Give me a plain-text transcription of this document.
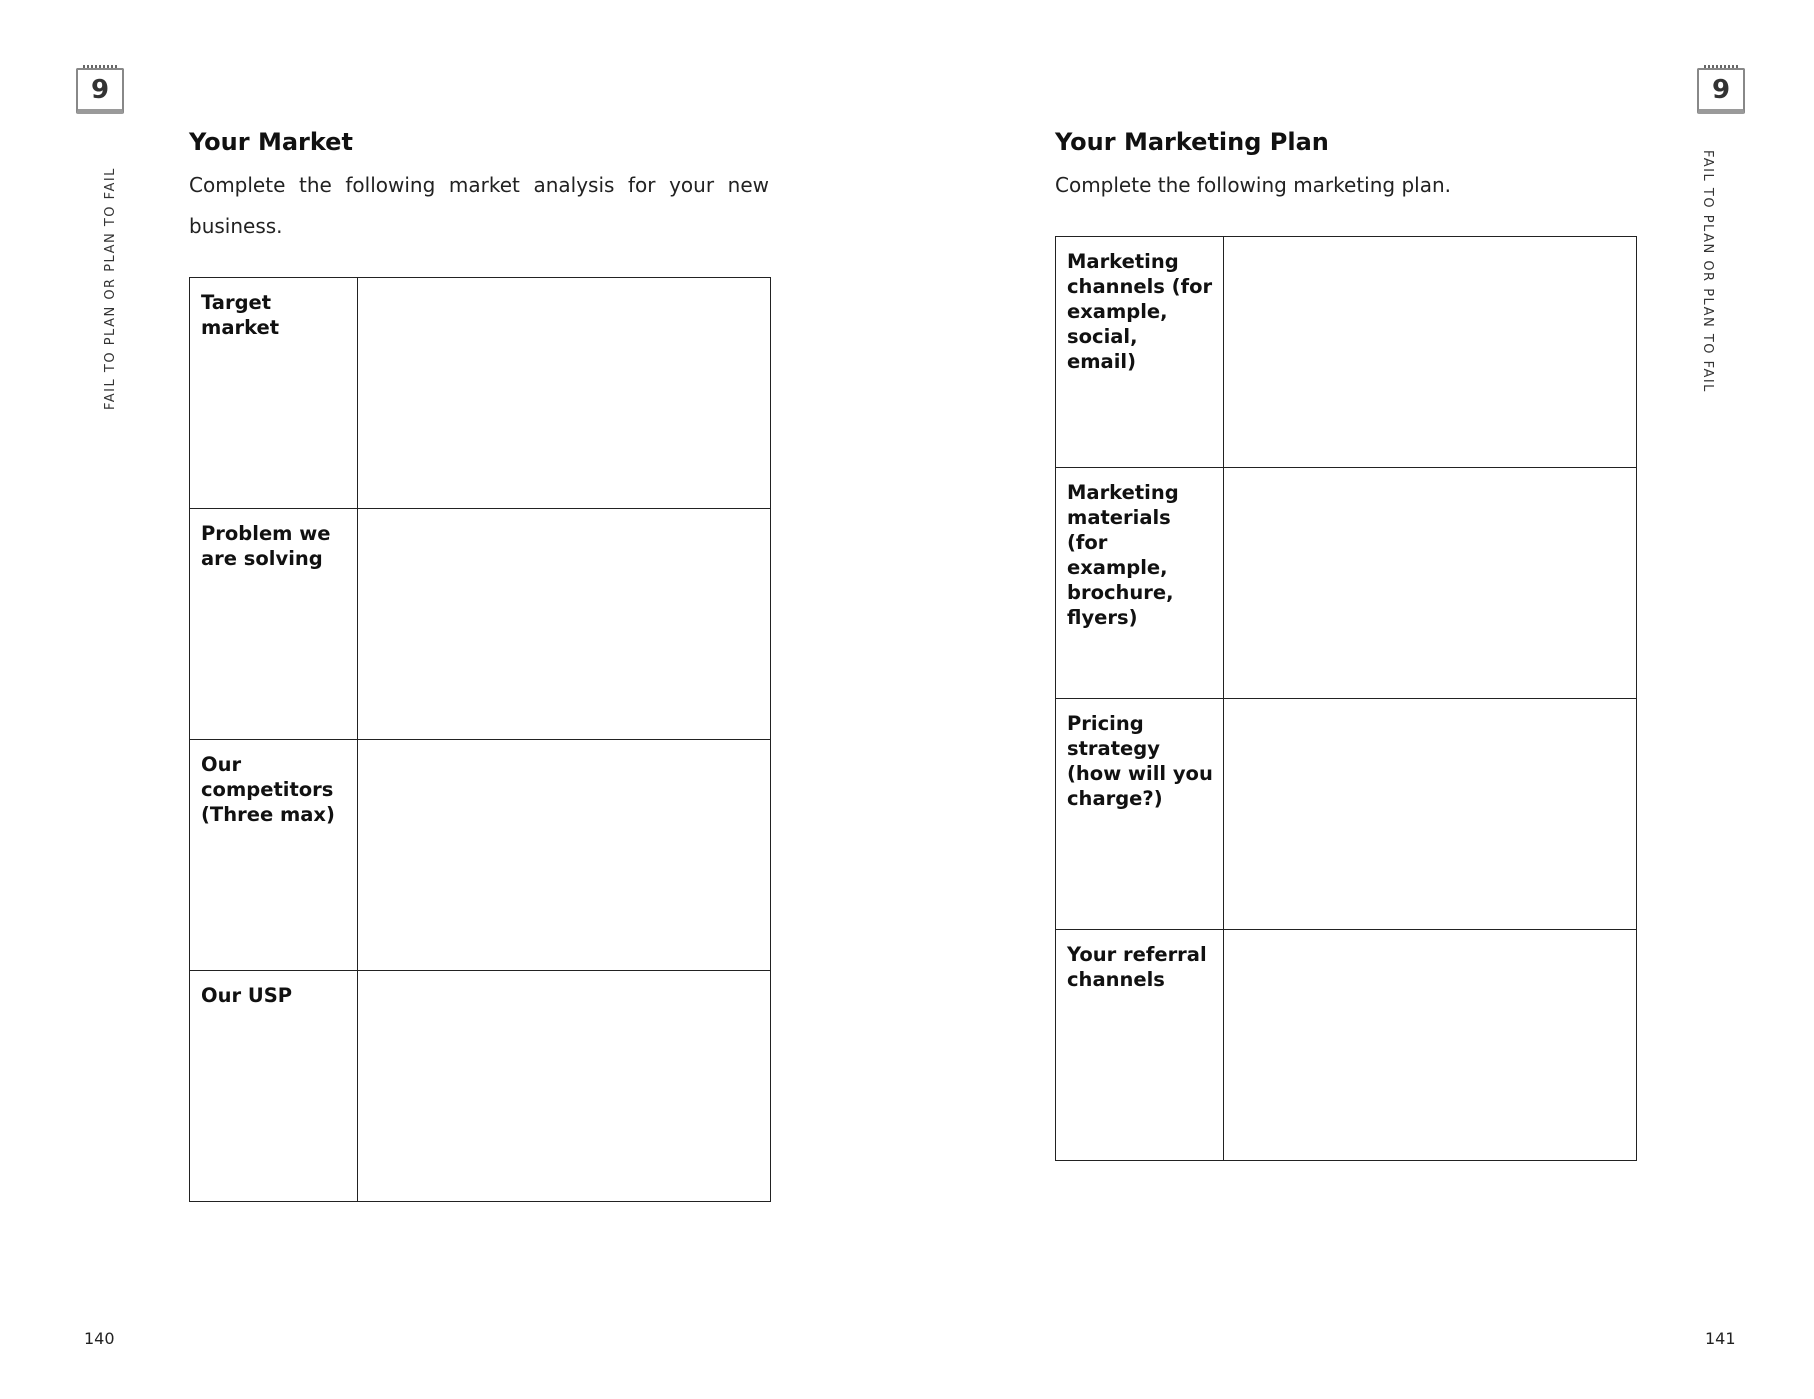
9
FAIL TO PLAN OR PLAN TO FAIL
Your Market

Complete the following market analysis for your new business.

Target market	
Problem we are solving	
Our competitors (Three max)	
Our USP	
140
9
FAIL TO PLAN OR PLAN TO FAIL
Your Marketing Plan

Complete the following marketing plan.

Marketing channels (for example, social, email)	
Marketing materials (for example, brochure, flyers)	
Pricing strategy (how will you charge?)	
Your referral channels	
141
